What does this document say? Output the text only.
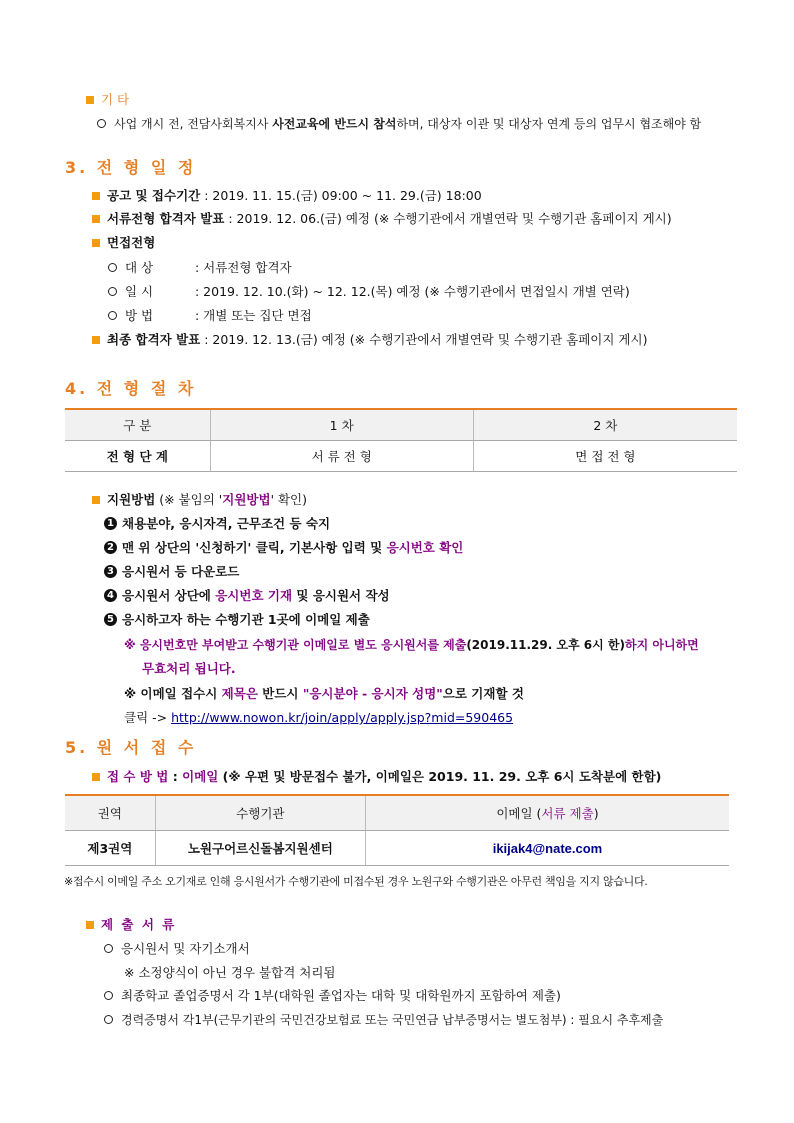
기 타
사업 개시 전, 전담사회복지사 사전교육에 반드시 참석하며, 대상자 이관 및 대상자 연계 등의 업무시 협조해야 함
3. 전 형 일 정
공고 및 접수기간 : 2019. 11. 15.(금) 09:00 ~ 11. 29.(금) 18:00
서류전형 합격자 발표 : 2019. 12. 06.(금) 예정 (※ 수행기관에서 개별연락 및 수행기관 홈페이지 게시)
면접전형
대 상	: 서류전형 합격자
일 시	: 2019. 12. 10.(화) ~ 12. 12.(목) 예정 (※ 수행기관에서 면접일시 개별 연락)
방 법	: 개별 또는 집단 면접
최종 합격자 발표 : 2019. 12. 13.(금) 예정 (※ 수행기관에서 개별연락 및 수행기관 홈페이지 게시)
4. 전 형 절 차
구 분	1 차	2 차
전 형 단 계	서 류 전 형	면 접 전 형
지원방법 (※ 붙임의 '지원방법' 확인)
1 채용분야, 응시자격, 근무조건 등 숙지
2 맨 위 상단의 '신청하기' 클릭, 기본사항 입력 및 응시번호 확인
3 응시원서 등 다운로드
4 응시원서 상단에 응시번호 기재 및 응시원서 작성
5 응시하고자 하는 수행기관 1곳에 이메일 제출
※ 응시번호만 부여받고 수행기관 이메일로 별도 응시원서를 제출(2019.11.29. 오후 6시 한)하지 아니하면
무효처리 됩니다.
※ 이메일 접수시 제목은 반드시 "응시분야 - 응시자 성명"으로 기재할 것
클릭 -> http://www.nowon.kr/join/apply/apply.jsp?mid=590465
5. 원 서 접 수
접 수 방 법 : 이메일 (※ 우편 및 방문접수 불가, 이메일은 2019. 11. 29. 오후 6시 도착분에 한함)
권역	수행기관	이메일 (서류 제출)
제3권역	노원구어르신돌봄지원센터	ikijak4@nate.com
※접수시 이메일 주소 오기재로 인해 응시원서가 수행기관에 미접수된 경우 노원구와 수행기관은 아무런 책임을 지지 않습니다.
제 출 서 류
응시원서 및 자기소개서
※ 소정양식이 아닌 경우 불합격 처리됨
최종학교 졸업증명서 각 1부(대학원 졸업자는 대학 및 대학원까지 포함하여 제출)
경력증명서 각1부(근무기관의 국민건강보험료 또는 국민연금 납부증명서는 별도첨부) : 필요시 추후제출
